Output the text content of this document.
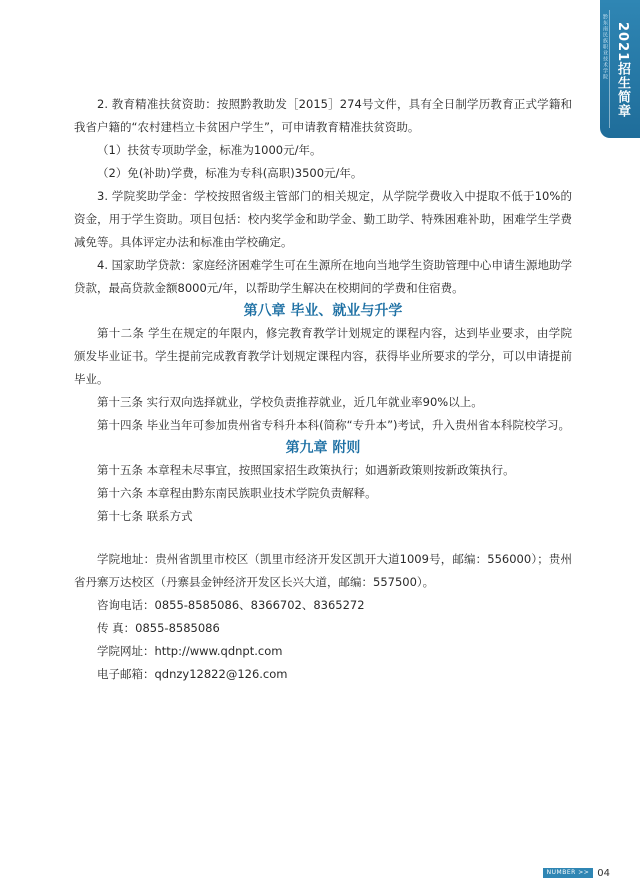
黔东南民族职业技术学院 2021招生简章

2. 教育精准扶贫资助：按照黔教助发［2015］274号文件，具有全日制学历教育正式学籍和我省户籍的“农村建档立卡贫困户学生”，可申请教育精准扶贫资助。

（1）扶贫专项助学金，标准为1000元/年。

（2）免(补助)学费，标准为专科(高职)3500元/年。

3. 学院奖助学金：学校按照省级主管部门的相关规定，从学院学费收入中提取不低于10%的资金，用于学生资助。项目包括：校内奖学金和助学金、勤工助学、特殊困难补助，困难学生学费减免等。具体评定办法和标准由学校确定。

4. 国家助学贷款：家庭经济困难学生可在生源所在地向当地学生资助管理中心申请生源地助学贷款，最高贷款金额8000元/年，以帮助学生解决在校期间的学费和住宿费。

第八章 毕业、就业与升学

第十二条 学生在规定的年限内，修完教育教学计划规定的课程内容，达到毕业要求，由学院颁发毕业证书。学生提前完成教育教学计划规定课程内容，获得毕业所要求的学分，可以申请提前毕业。

第十三条 实行双向选择就业，学校负责推荐就业，近几年就业率90%以上。

第十四条 毕业当年可参加贵州省专科升本科(简称“专升本”)考试，升入贵州省本科院校学习。

第九章 附则

第十五条 本章程未尽事宜，按照国家招生政策执行；如遇新政策则按新政策执行。

第十六条 本章程由黔东南民族职业技术学院负责解释。

第十七条 联系方式

学院地址：贵州省凯里市校区（凯里市经济开发区凯开大道1009号，邮编：556000）；贵州省丹寨万达校区（丹寨县金钟经济开发区长兴大道，邮编：557500）。

咨询电话：0855-8585086、8366702、8365272

传 真：0855-8585086

学院网址：http://www.qdnpt.com

电子邮箱：qdnzy12822@126.com

NUMBER >> 04
